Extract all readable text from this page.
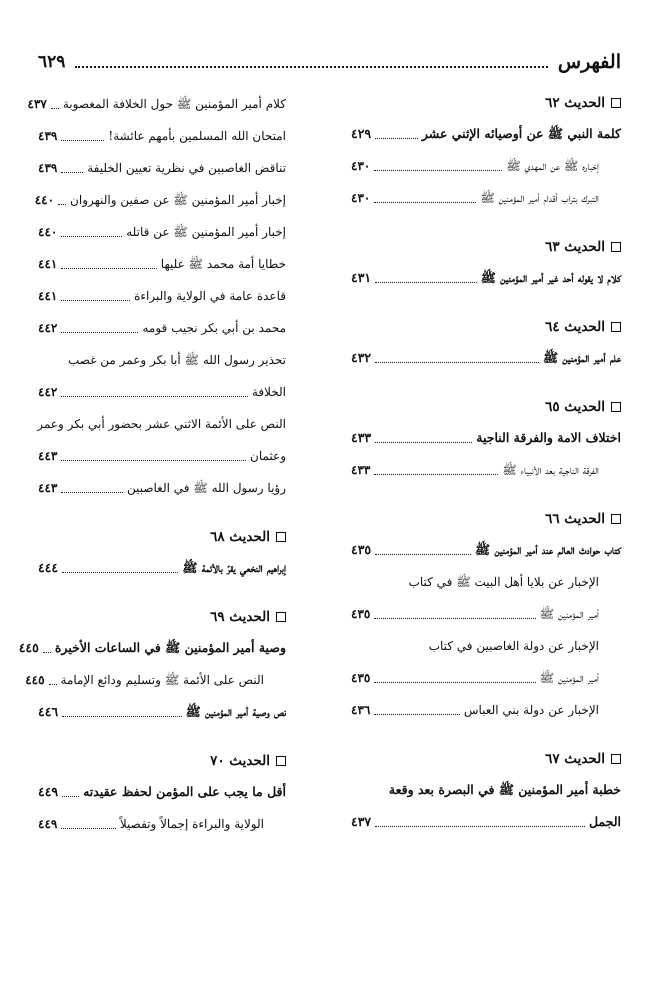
الفهرس
٦٢٩
الحديث ٦٢
كلمة النبي ﷺ عن أوصيائه الإثني عشر
٤٢٩
إخباره ﷺ عن المهدي ﷺ
٤٣٠
التبرك بتراب أقدام أمير المؤمنين ﷺ
٤٣٠
الحديث ٦٣
كلام لا يقوله أحد غير أمير المؤمنين ﷺ
٤٣١
الحديث ٦٤
علم أمير المؤمنين ﷺ
٤٣٢
الحديث ٦٥
اختلاف الامة والفرقة الناجية
٤٣٣
الفرقة الناجية بعد الأنبياء ﷺ
٤٣٣
الحديث ٦٦
كتاب حوادث العالم عند أمير المؤمنين ﷺ
٤٣٥
الإخبار عن بلايا أهل البيت ﷺ في كتاب
أمير المؤمنين ﷺ
٤٣٥
الإخبار عن دولة الغاصبين في كتاب
أمير المؤمنين ﷺ
٤٣٥
الإخبار عن دولة بني العباس
٤٣٦
الحديث ٦٧
خطبة أمير المؤمنين ﷺ في البصرة بعد وقعة
الجمل
٤٣٧
كلام أمير المؤمنين ﷺ حول الخلافة المغصوبة
٤٣٧
امتحان الله المسلمين بأمهم عائشة!
٤٣٩
تناقض الغاصبين في نظرية تعيين الخليفة
٤٣٩
إخبار أمير المؤمنين ﷺ عن صفين والنهروان
٤٤٠
إخبار أمير المؤمنين ﷺ عن قاتله
٤٤٠
خطايا أمة محمد ﷺ عليها
٤٤١
قاعدة عامة في الولاية والبراءة
٤٤١
محمد بن أبي بكر نجيب قومه
٤٤٢
تحذير رسول الله ﷺ أبا بكر وعمر من غصب
الخلافة
٤٤٢
النص على الأئمة الاثني عشر بحضور أبي بكر وعمر
وعثمان
٤٤٣
رؤيا رسول الله ﷺ في الغاصبين
٤٤٣
الحديث ٦٨
إبراهيم النخعي يقرّ بالأئمة ﷺ
٤٤٤
الحديث ٦٩
وصية أمير المؤمنين ﷺ في الساعات الأخيرة
٤٤٥
النص على الأئمة ﷺ وتسليم ودائع الإمامة
٤٤٥
نص وصية أمير المؤمنين ﷺ
٤٤٦
الحديث ٧٠
أقل ما يجب على المؤمن لحفظ عقيدته
٤٤٩
الولاية والبراءة إجمالاً وتفصيلاً
٤٤٩
